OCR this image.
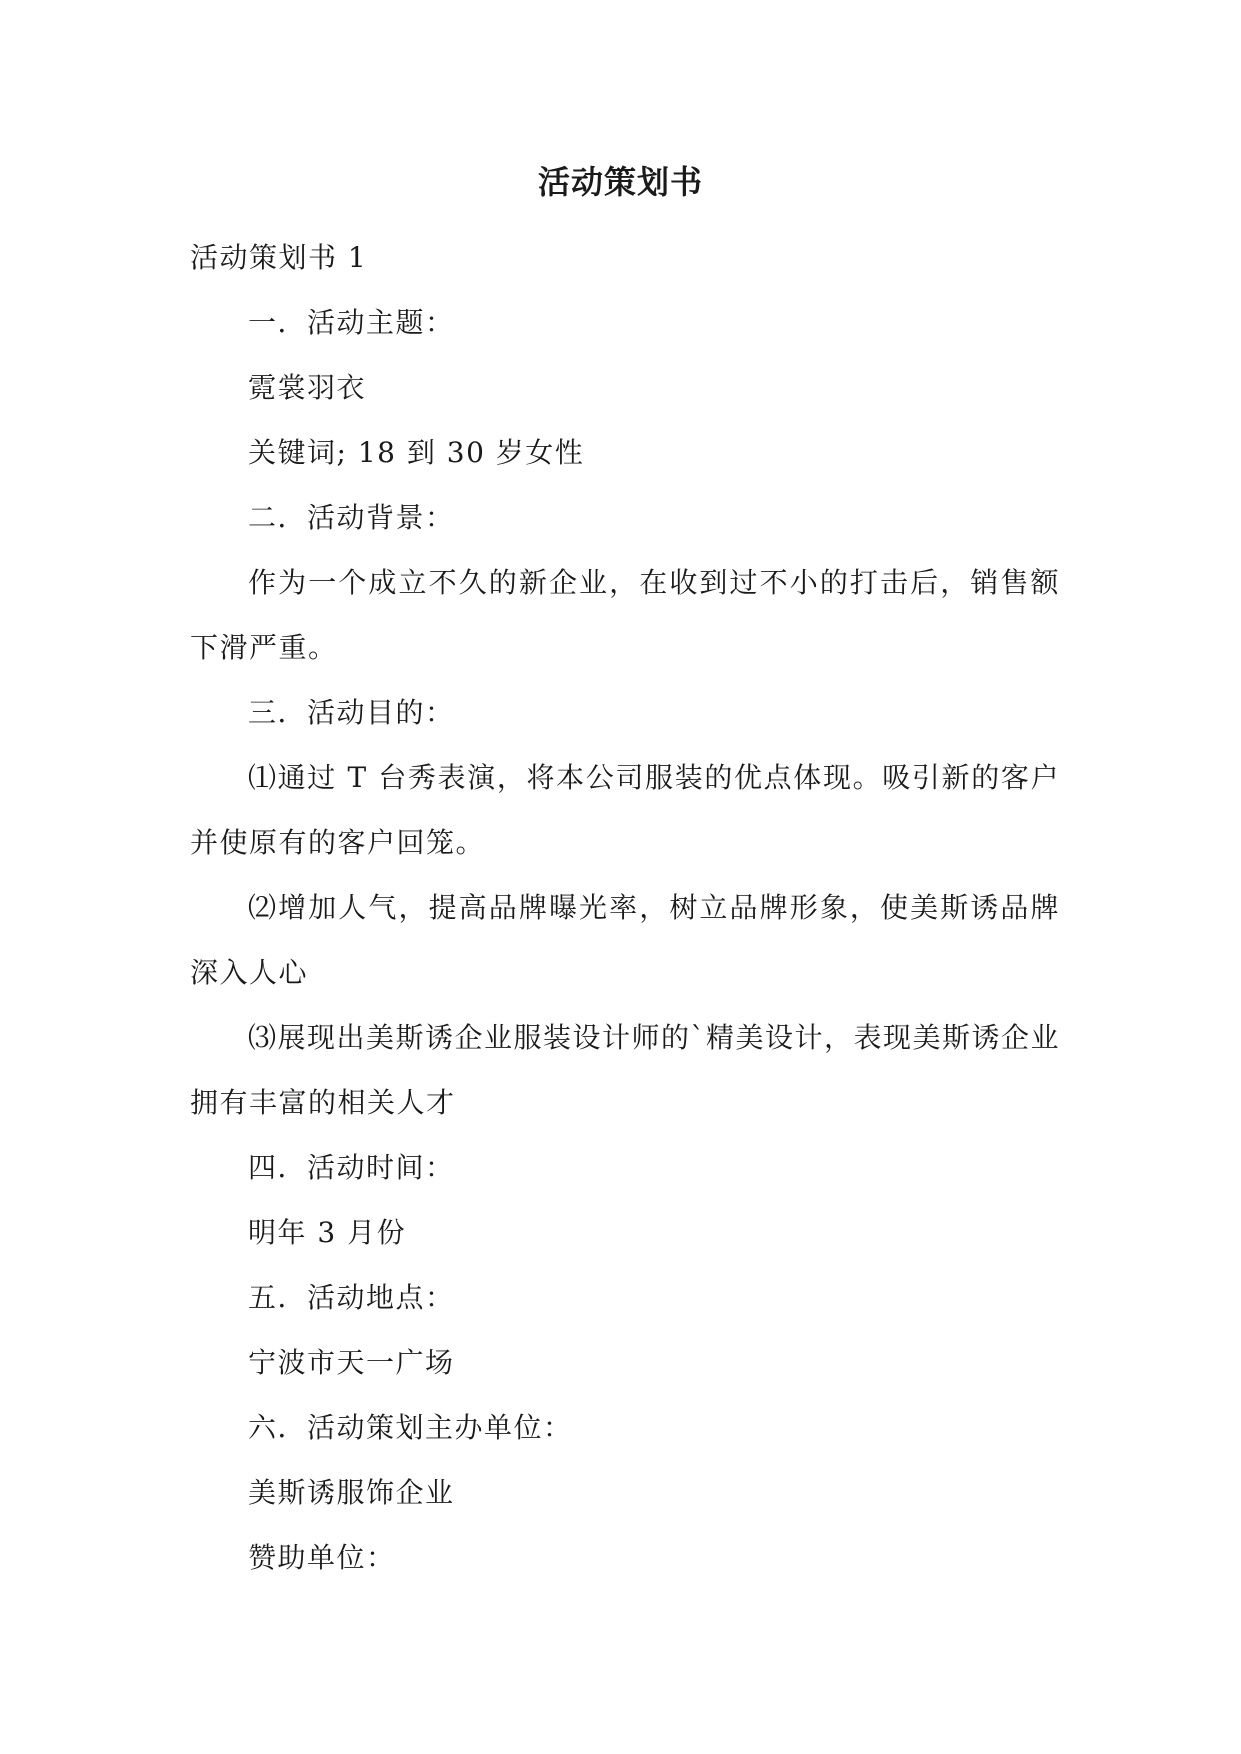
活动策划书

活动策划书 1

一．活动主题：

霓裳羽衣

关键词; 18 到 30 岁女性

二．活动背景：

作为一个成立不久的新企业，在收到过不小的打击后，销售额下滑严重。

三．活动目的：

⑴通过 T 台秀表演，将本公司服装的优点体现。吸引新的客户并使原有的客户回笼。

⑵增加人气，提高品牌曝光率，树立品牌形象，使美斯诱品牌深入人心

⑶展现出美斯诱企业服装设计师的`精美设计，表现美斯诱企业拥有丰富的相关人才

四．活动时间：

明年 3 月份

五．活动地点：

宁波市天一广场

六．活动策划主办单位：

美斯诱服饰企业

赞助单位：
